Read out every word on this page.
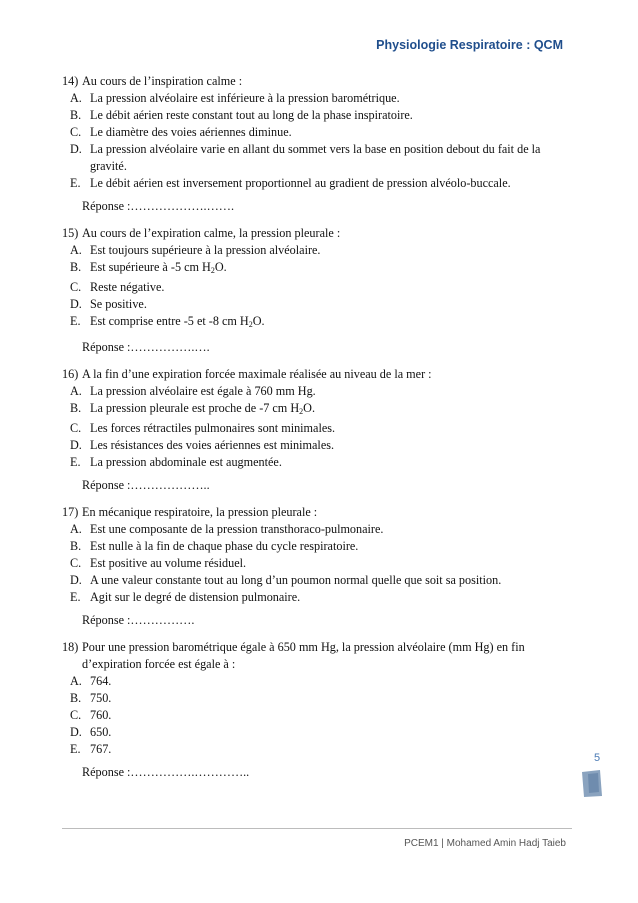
Physiologie Respiratoire : QCM
14) Au cours de l’inspiration calme :
A. La pression alvéolaire est inférieure à la pression barométrique.
B. Le débit aérien reste constant tout au long de la phase inspiratoire.
C. Le diamètre des voies aériennes diminue.
D. La pression alvéolaire varie en allant du sommet vers la base en position debout du fait de la gravité.
E. Le débit aérien est inversement proportionnel au gradient de pression alvéolo-buccale.
Réponse :……………….…….
15) Au cours de l’expiration calme, la pression pleurale :
A. Est toujours supérieure à la pression alvéolaire.
B. Est supérieure à -5 cm $H_2O$.
C. Reste négative.
D. Se positive.
E. Est comprise entre -5 et -8 cm $H_2O$.
Réponse :…………….….
16) A la fin d’une expiration forcée maximale réalisée au niveau de la mer :
A. La pression alvéolaire est égale à 760 mm Hg.
B. La pression pleurale est proche de -7 cm $H_2O$.
C. Les forces rétractiles pulmonaires sont minimales.
D. Les résistances des voies aériennes est minimales.
E. La pression abdominale est augmentée.
Réponse :………………..
17) En mécanique respiratoire, la pression pleurale :
A. Est une composante de la pression transthoraco-pulmonaire.
B. Est nulle à la fin de chaque phase du cycle respiratoire.
C. Est positive au volume résiduel.
D. A une valeur constante tout au long d’un poumon normal quelle que soit sa position.
E. Agit sur le degré de distension pulmonaire.
Réponse :…………….
18) Pour une pression barométrique égale à 650 mm Hg, la pression alvéolaire (mm Hg) en fin d’expiration forcée est égale à :
A. 764.
B. 750.
C. 760.
D. 650.
E. 767.
Réponse :…………….…………..
5
PCEM1 | Mohamed Amin Hadj Taieb
